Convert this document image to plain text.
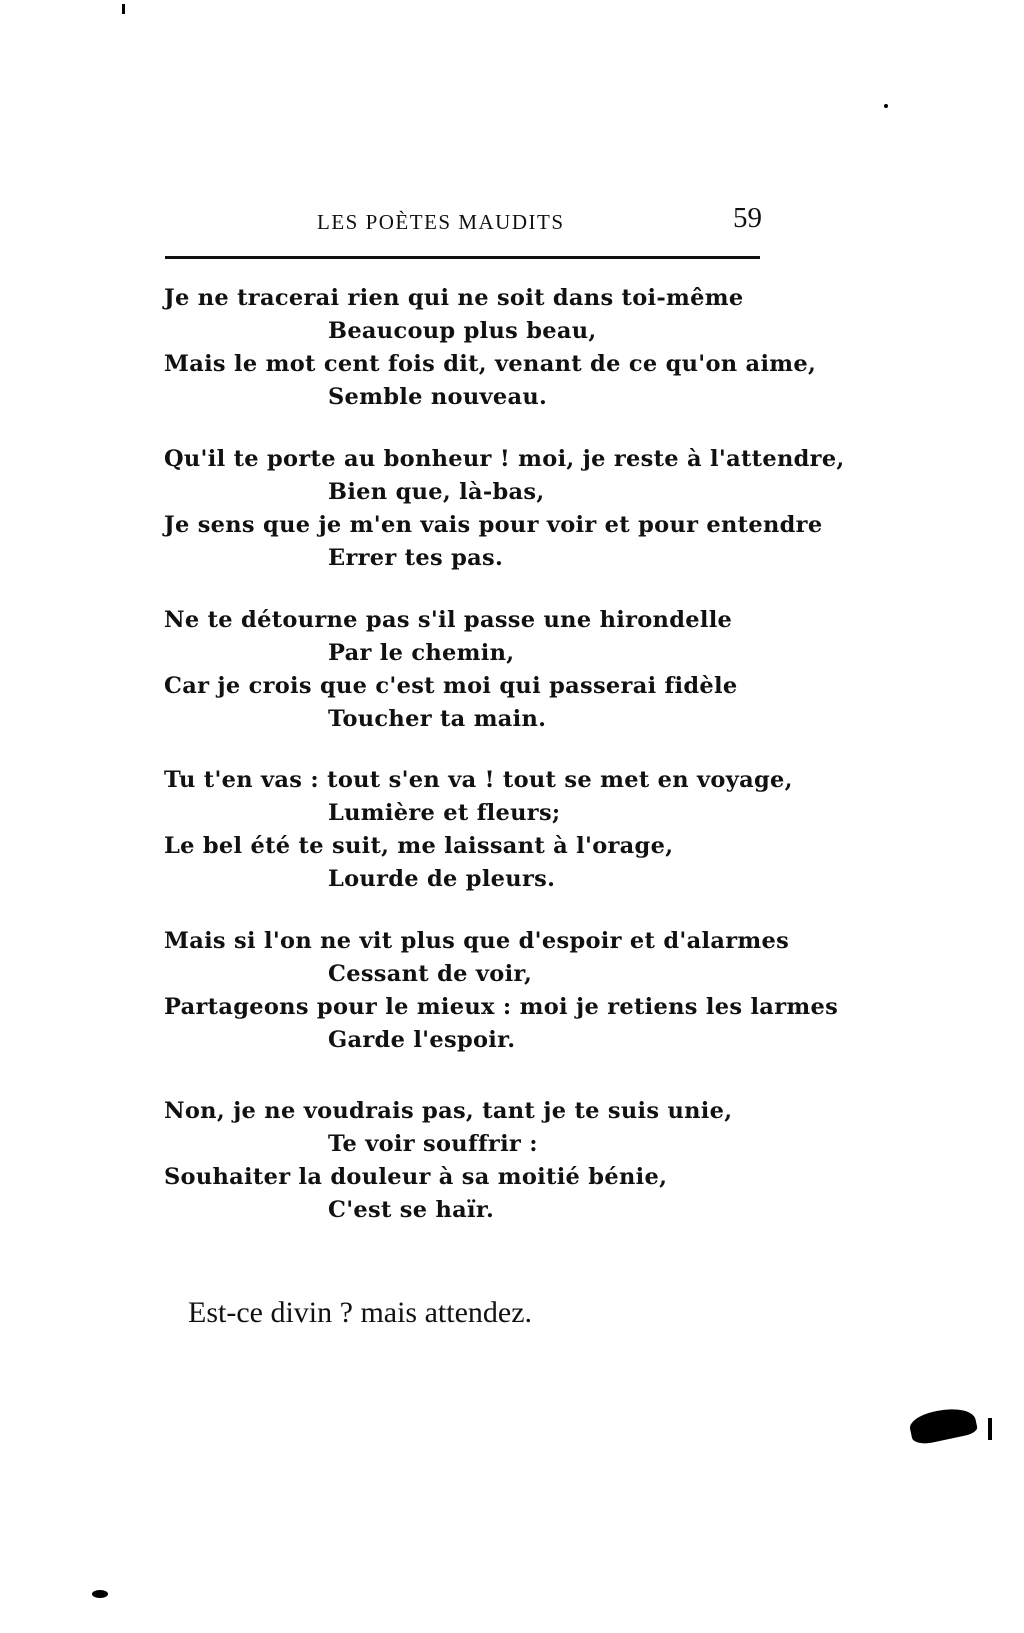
LES POÈTES MAUDITS	59
Je ne tracerai rien qui ne soit dans toi-même
Beaucoup plus beau,
Mais le mot cent fois dit, venant de ce qu'on aime,
Semble nouveau.
Qu'il te porte au bonheur ! moi, je reste à l'attendre,
Bien que, là-bas,
Je sens que je m'en vais pour voir et pour entendre
Errer tes pas.
Ne te détourne pas s'il passe une hirondelle
Par le chemin,
Car je crois que c'est moi qui passerai fidèle
Toucher ta main.
Tu t'en vas : tout s'en va ! tout se met en voyage,
Lumière et fleurs;
Le bel été te suit, me laissant à l'orage,
Lourde de pleurs.
Mais si l'on ne vit plus que d'espoir et d'alarmes
Cessant de voir,
Partageons pour le mieux : moi je retiens les larmes
Garde l'espoir.
Non, je ne voudrais pas, tant je te suis unie,
Te voir souffrir :
Souhaiter la douleur à sa moitié bénie,
C'est se haïr.
Est-ce divin ? mais attendez.
